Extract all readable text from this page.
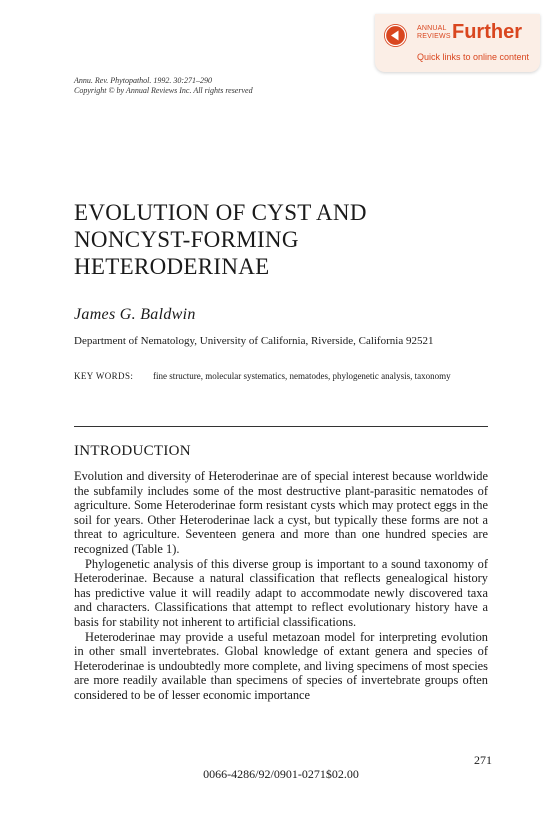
ANNUAL
REVIEWS Further
Quick links to online content
Annu. Rev. Phytopathol. 1992. 30:271–290
Copyright © by Annual Reviews Inc. All rights reserved
EVOLUTION OF CYST AND
NONCYST-FORMING
HETERODERINAE
James G. Baldwin
Department of Nematology, University of California, Riverside, California 92521
KEY WORDS: fine structure, molecular systematics, nematodes, phylogenetic analysis, taxonomy
INTRODUCTION

Evolution and diversity of Heteroderinae are of special interest because worldwide the subfamily includes some of the most destructive plant-parasitic nematodes of agriculture. Some Heteroderinae form resistant cysts which may protect eggs in the soil for years. Other Heteroderinae lack a cyst, but typically these forms are not a threat to agriculture. Seventeen genera and more than one hundred species are recognized (Table 1).

Phylogenetic analysis of this diverse group is important to a sound taxonomy of Heteroderinae. Because a natural classification that reflects genealogical history has predictive value it will readily adapt to accommodate newly discovered taxa and characters. Classifications that attempt to reflect evolutionary history have a basis for stability not inherent to artificial classifications.

Heteroderinae may provide a useful metazoan model for interpreting evolution in other small invertebrates. Global knowledge of extant genera and species of Heteroderinae is undoubtedly more complete, and living specimens of most species are more readily available than specimens of species of invertebrate groups often considered to be of lesser economic importance

271
0066-4286/92/0901-0271$02.00
